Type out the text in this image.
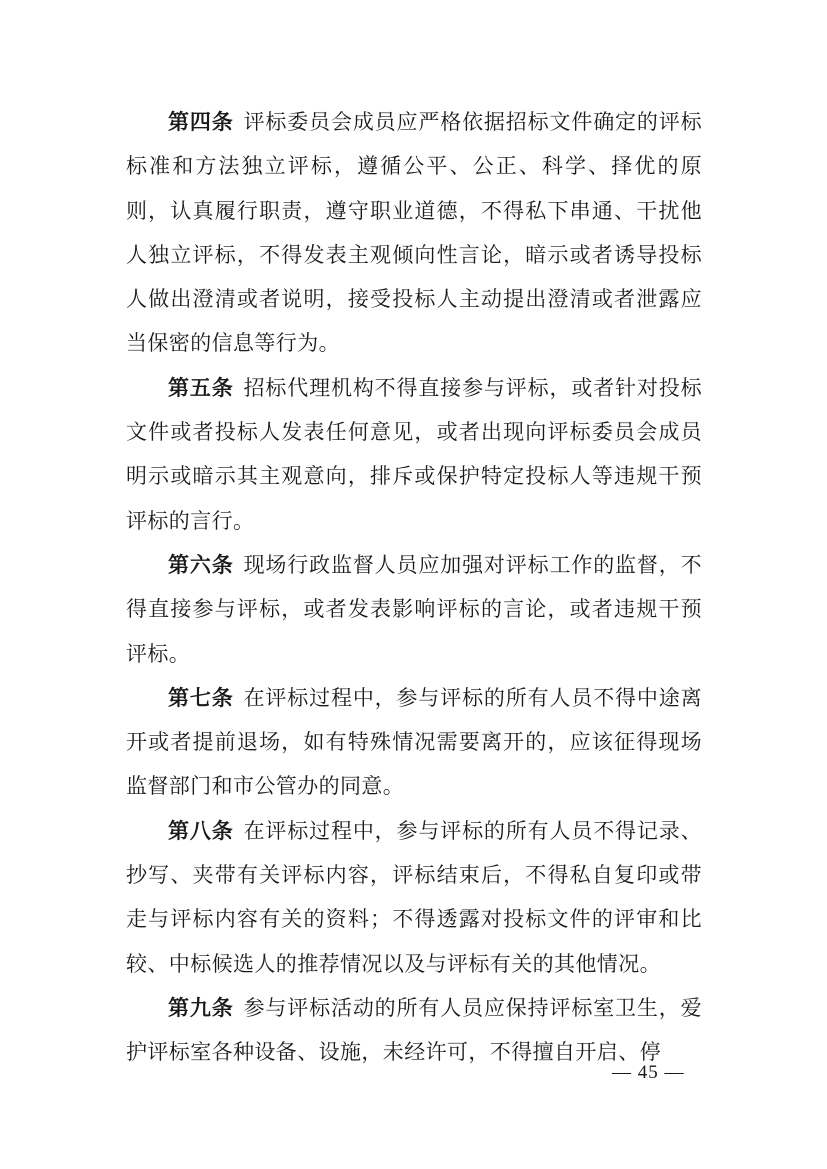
第四条 评标委员会成员应严格依据招标文件确定的评标标准和方法独立评标，遵循公平、公正、科学、择优的原则，认真履行职责，遵守职业道德，不得私下串通、干扰他人独立评标，不得发表主观倾向性言论，暗示或者诱导投标人做出澄清或者说明，接受投标人主动提出澄清或者泄露应当保密的信息等行为。

第五条 招标代理机构不得直接参与评标，或者针对投标文件或者投标人发表任何意见，或者出现向评标委员会成员明示或暗示其主观意向，排斥或保护特定投标人等违规干预评标的言行。

第六条 现场行政监督人员应加强对评标工作的监督，不得直接参与评标，或者发表影响评标的言论，或者违规干预评标。

第七条 在评标过程中，参与评标的所有人员不得中途离开或者提前退场，如有特殊情况需要离开的，应该征得现场监督部门和市公管办的同意。

第八条 在评标过程中，参与评标的所有人员不得记录、抄写、夹带有关评标内容，评标结束后，不得私自复印或带走与评标内容有关的资料；不得透露对投标文件的评审和比较、中标候选人的推荐情况以及与评标有关的其他情况。

第九条 参与评标活动的所有人员应保持评标室卫生，爱护评标室各种设备、设施，未经许可，不得擅自开启、停

— 45 —
